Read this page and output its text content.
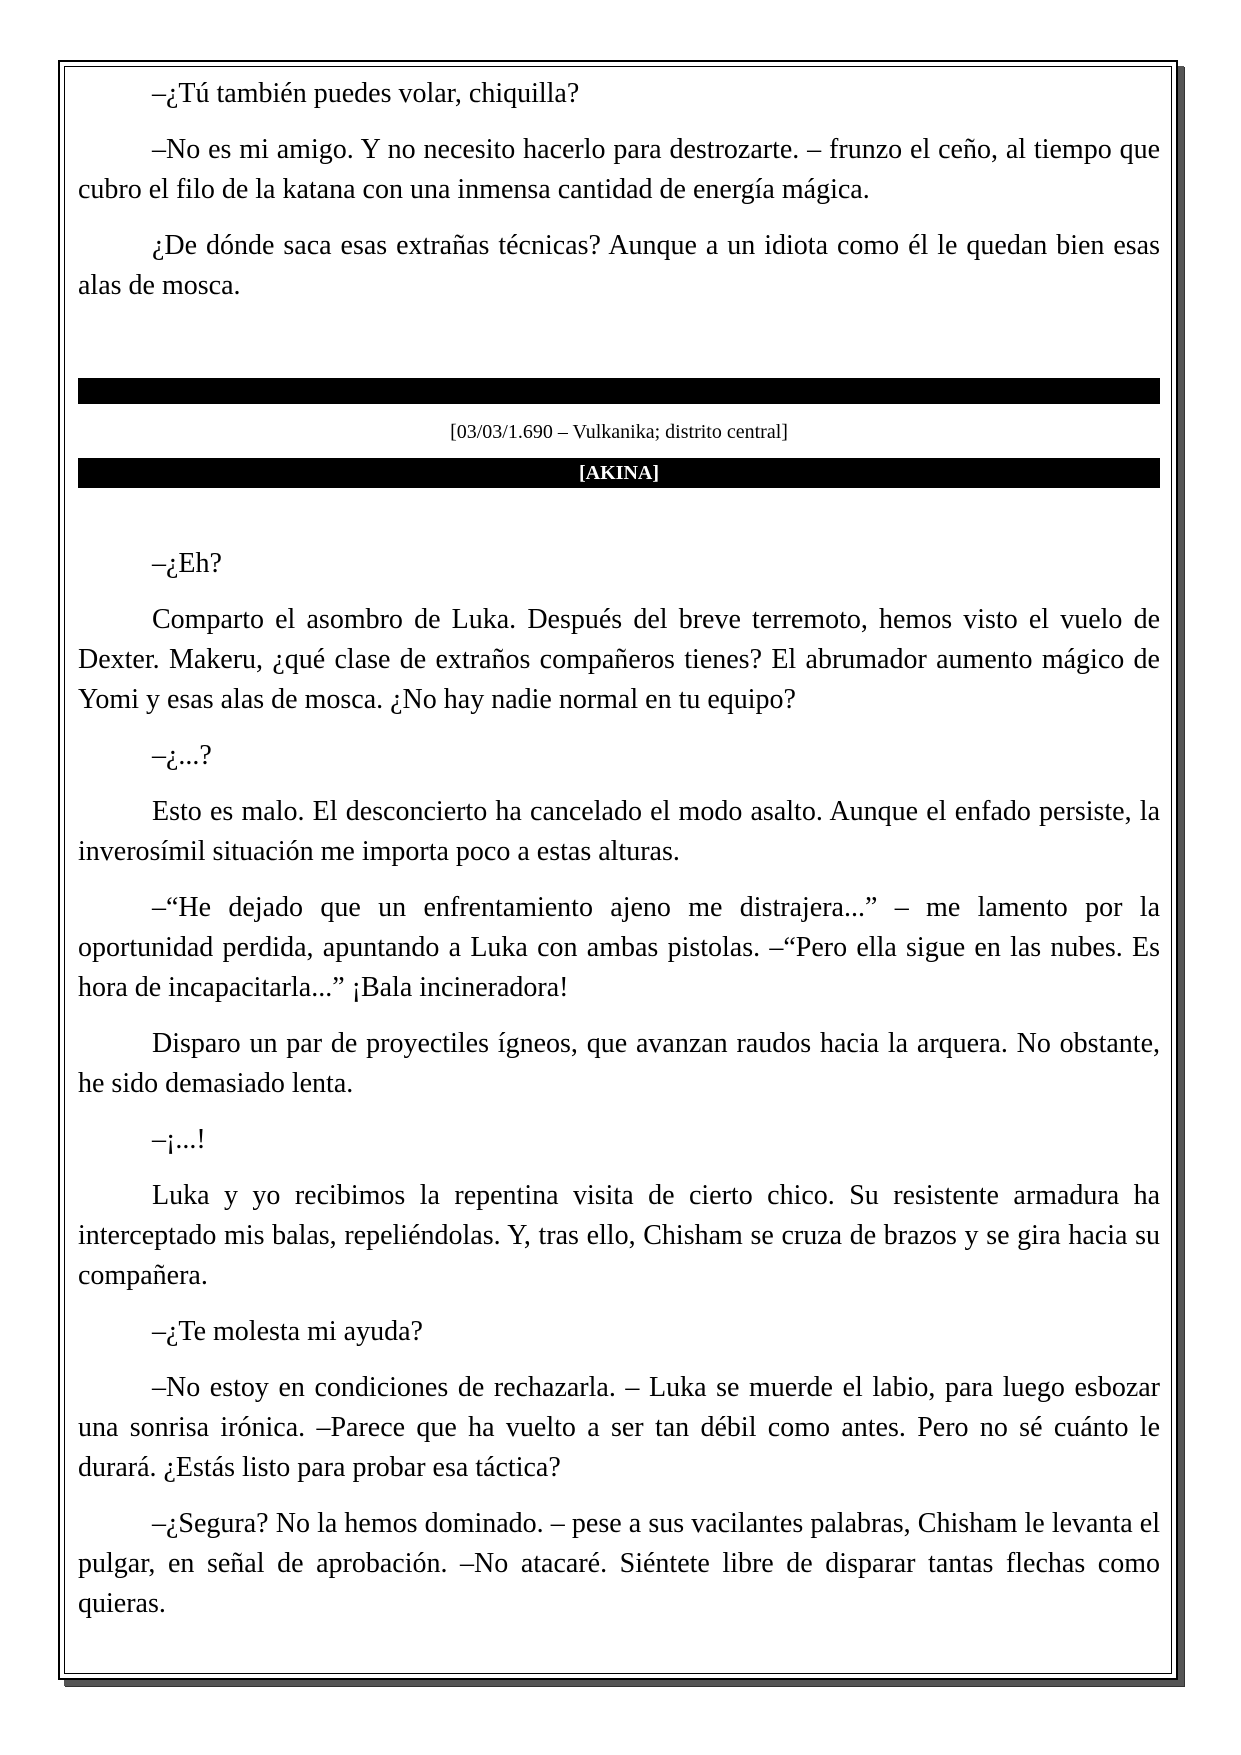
–¿Tú también puedes volar, chiquilla?

–No es mi amigo. Y no necesito hacerlo para destrozarte. – frunzo el ceño, al tiempo que cubro el filo de la katana con una inmensa cantidad de energía mágica.

¿De dónde saca esas extrañas técnicas? Aunque a un idiota como él le quedan bien esas alas de mosca.

[03/03/1.690 – Vulkanika; distrito central]
[AKINA]

–¿Eh?

Comparto el asombro de Luka. Después del breve terremoto, hemos visto el vuelo de Dexter. Makeru, ¿qué clase de extraños compañeros tienes? El abrumador aumento mágico de Yomi y esas alas de mosca. ¿No hay nadie normal en tu equipo?

–¿...?

Esto es malo. El desconcierto ha cancelado el modo asalto. Aunque el enfado persiste, la inverosímil situación me importa poco a estas alturas.

–“He dejado que un enfrentamiento ajeno me distrajera...” – me lamento por la oportunidad perdida, apuntando a Luka con ambas pistolas. –“Pero ella sigue en las nubes. Es hora de incapacitarla...” ¡Bala incineradora!

Disparo un par de proyectiles ígneos, que avanzan raudos hacia la arquera. No obstante, he sido demasiado lenta.

–¡...!

Luka y yo recibimos la repentina visita de cierto chico. Su resistente armadura ha interceptado mis balas, repeliéndolas. Y, tras ello, Chisham se cruza de brazos y se gira hacia su compañera.

–¿Te molesta mi ayuda?

–No estoy en condiciones de rechazarla. – Luka se muerde el labio, para luego esbozar una sonrisa irónica. –Parece que ha vuelto a ser tan débil como antes. Pero no sé cuánto le durará. ¿Estás listo para probar esa táctica?

–¿Segura? No la hemos dominado. – pese a sus vacilantes palabras, Chisham le levanta el pulgar, en señal de aprobación. –No atacaré. Siéntete libre de disparar tantas flechas como quieras.
